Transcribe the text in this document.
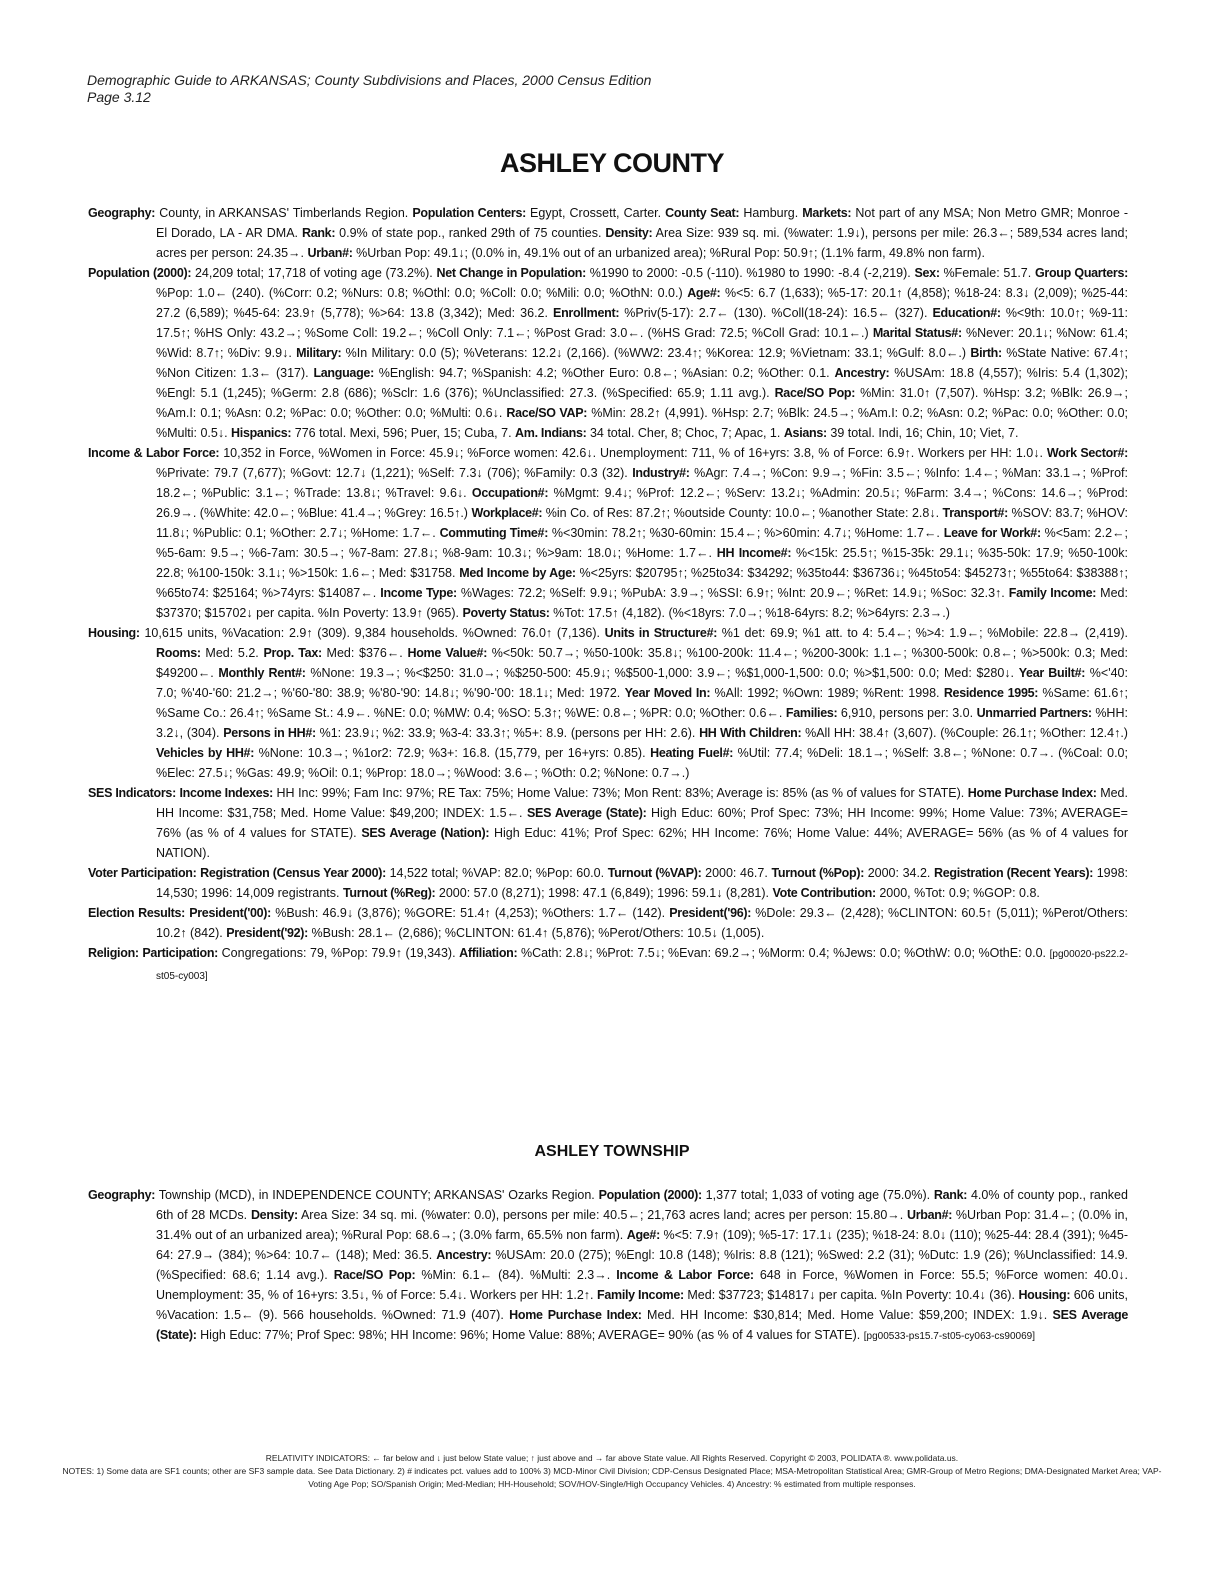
Demographic Guide to ARKANSAS; County Subdivisions and Places, 2000 Census Edition
Page 3.12
ASHLEY COUNTY
Geography: County, in ARKANSAS' Timberlands Region. Population Centers: Egypt, Crossett, Carter. County Seat: Hamburg. Markets: Not part of any MSA; Non Metro GMR; Monroe - El Dorado, LA - AR DMA. Rank: 0.9% of state pop., ranked 29th of 75 counties. Density: Area Size: 939 sq. mi. (%water: 1.9↓), persons per mile: 26.3←; 589,534 acres land; acres per person: 24.35→. Urban#: %Urban Pop: 49.1↓; (0.0% in, 49.1% out of an urbanized area); %Rural Pop: 50.9↑; (1.1% farm, 49.8% non farm).
Population (2000): 24,209 total; 17,718 of voting age (73.2%). Net Change in Population: %1990 to 2000: -0.5 (-110). %1980 to 1990: -8.4 (-2,219). Sex: %Female: 51.7. Group Quarters: %Pop: 1.0← (240). (%Corr: 0.2; %Nurs: 0.8; %Othl: 0.0; %Coll: 0.0; %Mili: 0.0; %OthN: 0.0.) Age#: %<5: 6.7 (1,633); %5-17: 20.1↑ (4,858); %18-24: 8.3↓ (2,009); %25-44: 27.2 (6,589); %45-64: 23.9↑ (5,778); %>64: 13.8 (3,342); Med: 36.2. Enrollment: %Priv(5-17): 2.7← (130). %Coll(18-24): 16.5← (327). Education#: %<9th: 10.0↑; %9-11: 17.5↑; %HS Only: 43.2→; %Some Coll: 19.2←; %Coll Only: 7.1←; %Post Grad: 3.0←. (%HS Grad: 72.5; %Coll Grad: 10.1←.) Marital Status#: %Never: 20.1↓; %Now: 61.4; %Wid: 8.7↑; %Div: 9.9↓. Military: %In Military: 0.0 (5); %Veterans: 12.2↓ (2,166). (%WW2: 23.4↑; %Korea: 12.9; %Vietnam: 33.1; %Gulf: 8.0←.) Birth: %State Native: 67.4↑; %Non Citizen: 1.3← (317). Language: %English: 94.7; %Spanish: 4.2; %Other Euro: 0.8←; %Asian: 0.2; %Other: 0.1. Ancestry: %USAm: 18.8 (4,557); %Iris: 5.4 (1,302); %Engl: 5.1 (1,245); %Germ: 2.8 (686); %Sclr: 1.6 (376); %Unclassified: 27.3. (%Specified: 65.9; 1.11 avg.). Race/SO Pop: %Min: 31.0↑ (7,507). %Hsp: 3.2; %Blk: 26.9→; %Am.I: 0.1; %Asn: 0.2; %Pac: 0.0; %Other: 0.0; %Multi: 0.6↓. Race/SO VAP: %Min: 28.2↑ (4,991). %Hsp: 2.7; %Blk: 24.5→; %Am.I: 0.2; %Asn: 0.2; %Pac: 0.0; %Other: 0.0; %Multi: 0.5↓. Hispanics: 776 total. Mexi, 596; Puer, 15; Cuba, 7. Am. Indians: 34 total. Cher, 8; Choc, 7; Apac, 1. Asians: 39 total. Indi, 16; Chin, 10; Viet, 7.
Income & Labor Force: 10,352 in Force, %Women in Force: 45.9↓; %Force women: 42.6↓. Unemployment: 711, % of 16+yrs: 3.8, % of Force: 6.9↑. Workers per HH: 1.0↓. Work Sector#: %Private: 79.7 (7,677); %Govt: 12.7↓ (1,221); %Self: 7.3↓ (706); %Family: 0.3 (32). Industry#: %Agr: 7.4→; %Con: 9.9→; %Fin: 3.5←; %Info: 1.4←; %Man: 33.1→; %Prof: 18.2←; %Public: 3.1←; %Trade: 13.8↓; %Travel: 9.6↓. Occupation#: %Mgmt: 9.4↓; %Prof: 12.2←; %Serv: 13.2↓; %Admin: 20.5↓; %Farm: 3.4→; %Cons: 14.6→; %Prod: 26.9→. (%White: 42.0←; %Blue: 41.4→; %Grey: 16.5↑.) Workplace#: %in Co. of Res: 87.2↑; %outside County: 10.0←; %another State: 2.8↓. Transport#: %SOV: 83.7; %HOV: 11.8↓; %Public: 0.1; %Other: 2.7↓; %Home: 1.7←. Commuting Time#: %<30min: 78.2↑; %30-60min: 15.4←; %>60min: 4.7↓; %Home: 1.7←. Leave for Work#: %<5am: 2.2←; %5-6am: 9.5→; %6-7am: 30.5→; %7-8am: 27.8↓; %8-9am: 10.3↓; %>9am: 18.0↓; %Home: 1.7←. HH Income#: %<15k: 25.5↑; %15-35k: 29.1↓; %35-50k: 17.9; %50-100k: 22.8; %100-150k: 3.1↓; %>150k: 1.6←; Med: $31758. Med Income by Age: %<25yrs: $20795↑; %25to34: $34292; %35to44: $36736↓; %45to54: $45273↑; %55to64: $38388↑; %65to74: $25164; %>74yrs: $14087←. Income Type: %Wages: 72.2; %Self: 9.9↓; %PubA: 3.9→; %SSI: 6.9↑; %Int: 20.9←; %Ret: 14.9↓; %Soc: 32.3↑. Family Income: Med: $37370; $15702↓ per capita. %In Poverty: 13.9↑ (965). Poverty Status: %Tot: 17.5↑ (4,182). (%<18yrs: 7.0→; %18-64yrs: 8.2; %>64yrs: 2.3→.)
Housing: 10,615 units, %Vacation: 2.9↑ (309). 9,384 households. %Owned: 76.0↑ (7,136). Units in Structure#: %1 det: 69.9; %1 att. to 4: 5.4←; %>4: 1.9←; %Mobile: 22.8→ (2,419). Rooms: Med: 5.2. Prop. Tax: Med: $376←. Home Value#: %<50k: 50.7→; %50-100k: 35.8↓; %100-200k: 11.4←; %200-300k: 1.1←; %300-500k: 0.8←; %>500k: 0.3; Med: $49200←. Monthly Rent#: %None: 19.3→; %<$250: 31.0→; %$250-500: 45.9↓; %$500-1,000: 3.9←; %$1,000-1,500: 0.0; %>$1,500: 0.0; Med: $280↓. Year Built#: %<'40: 7.0; %'40-'60: 21.2→; %'60-'80: 38.9; %'80-'90: 14.8↓; %'90-'00: 18.1↓; Med: 1972. Year Moved In: %All: 1992; %Own: 1989; %Rent: 1998. Residence 1995: %Same: 61.6↑; %Same Co.: 26.4↑; %Same St.: 4.9←. %NE: 0.0; %MW: 0.4; %SO: 5.3↑; %WE: 0.8←; %PR: 0.0; %Other: 0.6←. Families: 6,910, persons per: 3.0. Unmarried Partners: %HH: 3.2↓, (304). Persons in HH#: %1: 23.9↓; %2: 33.9; %3-4: 33.3↑; %5+: 8.9. (persons per HH: 2.6). HH With Children: %All HH: 38.4↑ (3,607). (%Couple: 26.1↑; %Other: 12.4↑.) Vehicles by HH#: %None: 10.3→; %1or2: 72.9; %3+: 16.8. (15,779, per 16+yrs: 0.85). Heating Fuel#: %Util: 77.4; %Deli: 18.1→; %Self: 3.8←; %None: 0.7→. (%Coal: 0.0; %Elec: 27.5↓; %Gas: 49.9; %Oil: 0.1; %Prop: 18.0→; %Wood: 3.6←; %Oth: 0.2; %None: 0.7→.)
SES Indicators: Income Indexes: HH Inc: 99%; Fam Inc: 97%; RE Tax: 75%; Home Value: 73%; Mon Rent: 83%; Average is: 85% (as % of values for STATE). Home Purchase Index: Med. HH Income: $31,758; Med. Home Value: $49,200; INDEX: 1.5←. SES Average (State): High Educ: 60%; Prof Spec: 73%; HH Income: 99%; Home Value: 73%; AVERAGE= 76% (as % of 4 values for STATE). SES Average (Nation): High Educ: 41%; Prof Spec: 62%; HH Income: 76%; Home Value: 44%; AVERAGE= 56% (as % of 4 values for NATION).
Voter Participation: Registration (Census Year 2000): 14,522 total; %VAP: 82.0; %Pop: 60.0. Turnout (%VAP): 2000: 46.7. Turnout (%Pop): 2000: 34.2. Registration (Recent Years): 1998: 14,530; 1996: 14,009 registrants. Turnout (%Reg): 2000: 57.0 (8,271); 1998: 47.1 (6,849); 1996: 59.1↓ (8,281). Vote Contribution: 2000, %Tot: 0.9; %GOP: 0.8.
Election Results: President('00): %Bush: 46.9↓ (3,876); %GORE: 51.4↑ (4,253); %Others: 1.7← (142). President('96): %Dole: 29.3← (2,428); %CLINTON: 60.5↑ (5,011); %Perot/Others: 10.2↑ (842). President('92): %Bush: 28.1← (2,686); %CLINTON: 61.4↑ (5,876); %Perot/Others: 10.5↓ (1,005).
Religion: Participation: Congregations: 79, %Pop: 79.9↑ (19,343). Affiliation: %Cath: 2.8↓; %Prot: 7.5↓; %Evan: 69.2→; %Morm: 0.4; %Jews: 0.0; %OthW: 0.0; %OthE: 0.0. [pg00020-ps22.2-st05-cy003]
ASHLEY TOWNSHIP
Geography: Township (MCD), in INDEPENDENCE COUNTY; ARKANSAS' Ozarks Region. Population (2000): 1,377 total; 1,033 of voting age (75.0%). Rank: 4.0% of county pop., ranked 6th of 28 MCDs. Density: Area Size: 34 sq. mi. (%water: 0.0), persons per mile: 40.5←; 21,763 acres land; acres per person: 15.80→. Urban#: %Urban Pop: 31.4←; (0.0% in, 31.4% out of an urbanized area); %Rural Pop: 68.6→; (3.0% farm, 65.5% non farm). Age#: %<5: 7.9↑ (109); %5-17: 17.1↓ (235); %18-24: 8.0↓ (110); %25-44: 28.4 (391); %45-64: 27.9→ (384); %>64: 10.7← (148); Med: 36.5. Ancestry: %USAm: 20.0 (275); %Engl: 10.8 (148); %Iris: 8.8 (121); %Swed: 2.2 (31); %Dutc: 1.9 (26); %Unclassified: 14.9. (%Specified: 68.6; 1.14 avg.). Race/SO Pop: %Min: 6.1← (84). %Multi: 2.3→. Income & Labor Force: 648 in Force, %Women in Force: 55.5; %Force women: 40.0↓. Unemployment: 35, % of 16+yrs: 3.5↓, % of Force: 5.4↓. Workers per HH: 1.2↑. Family Income: Med: $37723; $14817↓ per capita. %In Poverty: 10.4↓ (36). Housing: 606 units, %Vacation: 1.5← (9). 566 households. %Owned: 71.9 (407). Home Purchase Index: Med. HH Income: $30,814; Med. Home Value: $59,200; INDEX: 1.9↓. SES Average (State): High Educ: 77%; Prof Spec: 98%; HH Income: 96%; Home Value: 88%; AVERAGE= 90% (as % of 4 values for STATE). [pg00533-ps15.7-st05-cy063-cs90069]
RELATIVITY INDICATORS: ← far below and ↓ just below State value; ↑ just above and → far above State value. All Rights Reserved. Copyright © 2003, POLIDATA ®. www.polidata.us.
NOTES: 1) Some data are SF1 counts; other are SF3 sample data. See Data Dictionary. 2) # indicates pct. values add to 100% 3) MCD-Minor Civil Division; CDP-Census Designated Place; MSA-Metropolitan Statistical Area; GMR-Group of Metro Regions; DMA-Designated Market Area; VAP-Voting Age Pop; SO/Spanish Origin; Med-Median; HH-Household; SOV/HOV-Single/High Occupancy Vehicles. 4) Ancestry: % estimated from multiple responses.
